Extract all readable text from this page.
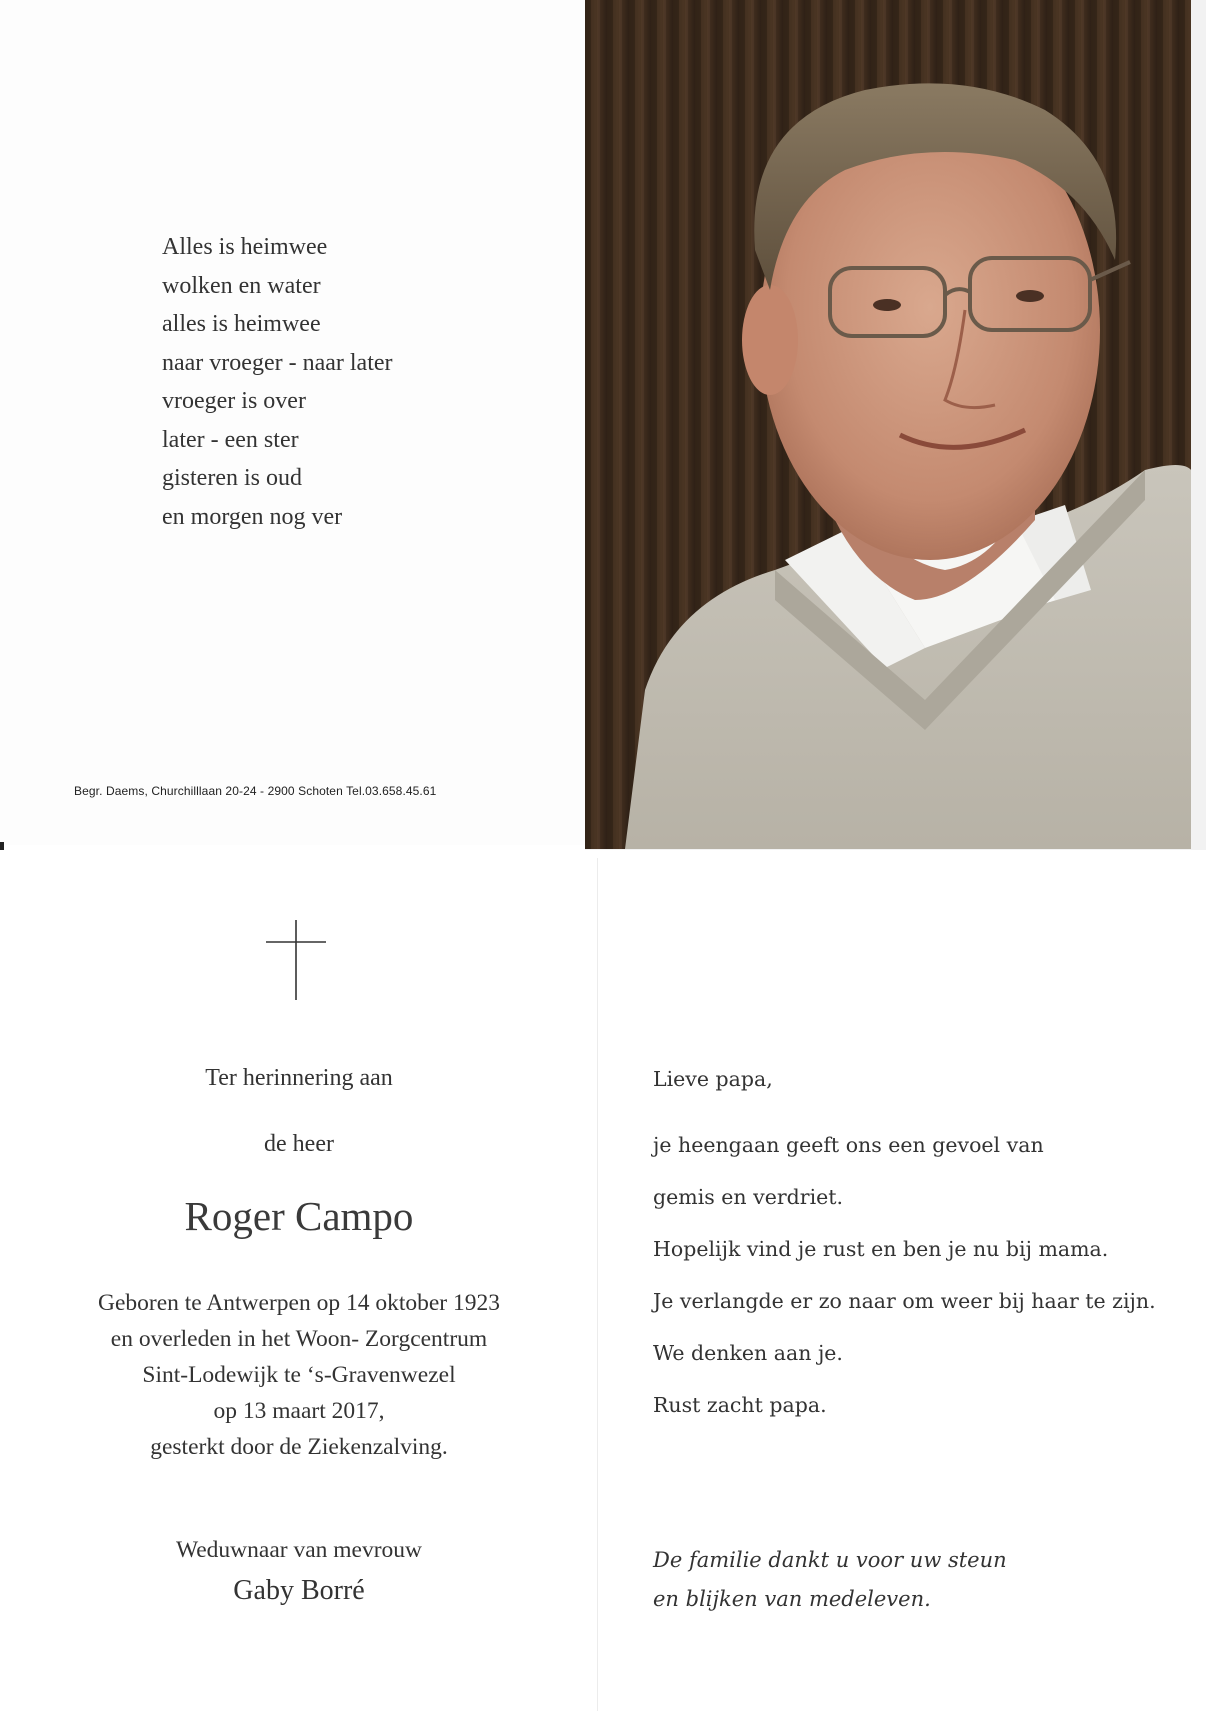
Alles is heimwee
wolken en water
alles is heimwee
naar vroeger - naar later
vroeger is over
later - een ster
gisteren is oud
en morgen nog ver
Begr. Daems, Churchilllaan 20-24 - 2900 Schoten Tel.03.658.45.61
Ter herinnering aan
de heer
Roger Campo
Geboren te Antwerpen op 14 oktober 1923
en overleden in het Woon- Zorgcentrum
Sint-Lodewijk te ‘s-Gravenwezel
op 13 maart 2017,
gesterkt door de Ziekenzalving.
Weduwnaar van mevrouw
Gaby Borré
Lieve papa,
je heengaan geeft ons een gevoel van
gemis en verdriet.
Hopelijk vind je rust en ben je nu bij mama.
Je verlangde er zo naar om weer bij haar te zijn.
We denken aan je.
Rust zacht papa.
De familie dankt u voor uw steun
en blijken van medeleven.
